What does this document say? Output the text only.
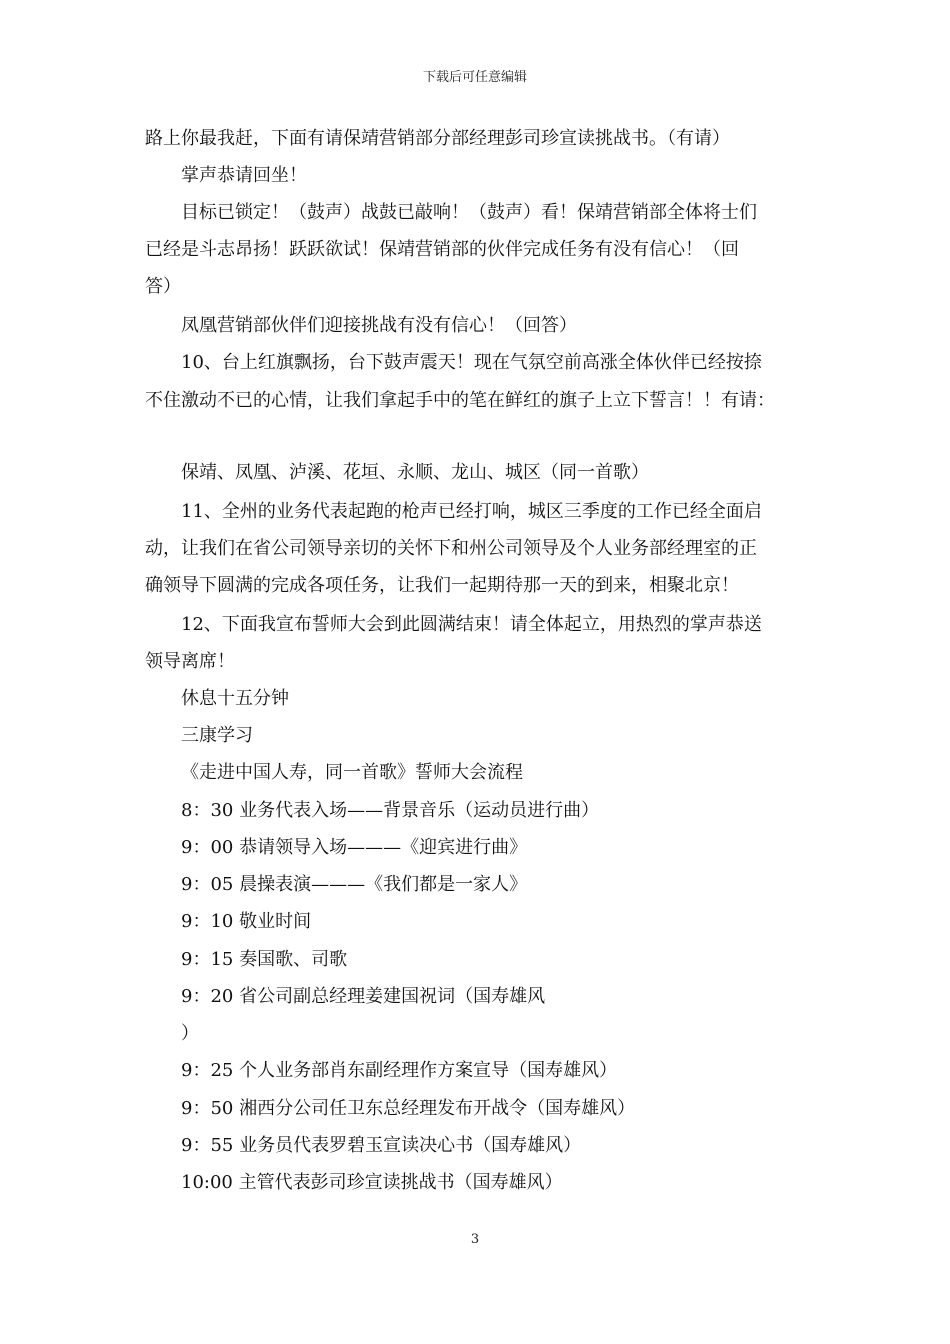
下载后可任意编辑
路上你最我赶，下面有请保靖营销部分部经理彭司珍宣读挑战书。（有请）
掌声恭请回坐！
目标已锁定！（鼓声）战鼓已敲响！（鼓声）看！保靖营销部全体将士们
已经是斗志昂扬！跃跃欲试！保靖营销部的伙伴完成任务有没有信心！（回
答）
凤凰营销部伙伴们迎接挑战有没有信心！（回答）
10、台上红旗飘扬，台下鼓声震天！现在气氛空前高涨全体伙伴已经按捺
不住激动不已的心情，让我们拿起手中的笔在鲜红的旗子上立下誓言！！有请：
保靖、凤凰、泸溪、花垣、永顺、龙山、城区（同一首歌）
11、全州的业务代表起跑的枪声已经打响，城区三季度的工作已经全面启
动，让我们在省公司领导亲切的关怀下和州公司领导及个人业务部经理室的正
确领导下圆满的完成各项任务，让我们一起期待那一天的到来，相聚北京！
12、下面我宣布誓师大会到此圆满结束！请全体起立，用热烈的掌声恭送
领导离席！
休息十五分钟
三康学习
《走进中国人寿，同一首歌》誓师大会流程
8：30 业务代表入场——背景音乐（运动员进行曲）
9：00 恭请领导入场———《迎宾进行曲》
9：05 晨操表演———《我们都是一家人》
9：10 敬业时间
9：15 奏国歌、司歌
9：20 省公司副总经理姜建国祝词（国寿雄风
）
9：25 个人业务部肖东副经理作方案宣导（国寿雄风）
9：50 湘西分公司任卫东总经理发布开战令（国寿雄风）
9：55 业务员代表罗碧玉宣读决心书（国寿雄风）
10:00 主管代表彭司珍宣读挑战书（国寿雄风）
3
